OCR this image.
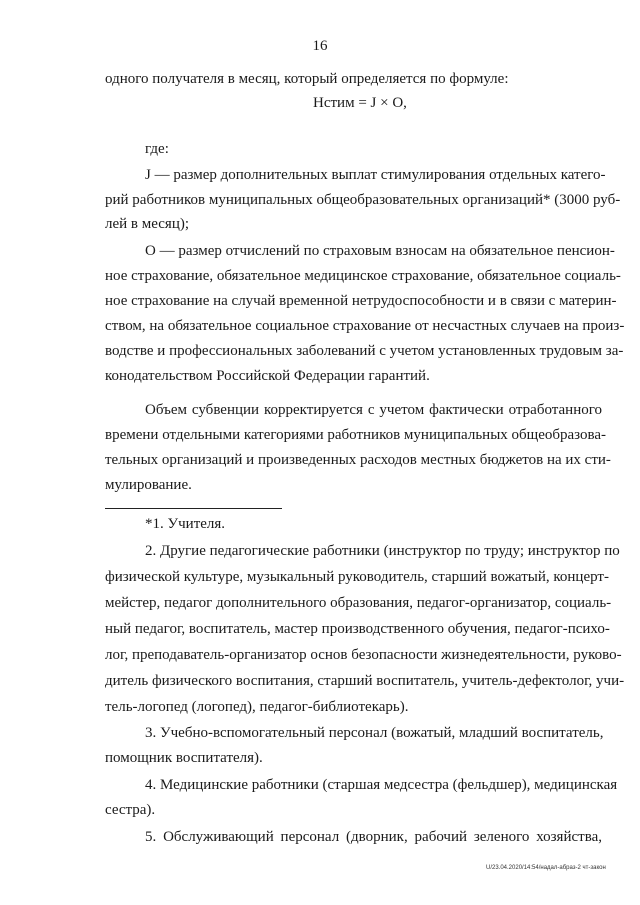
16
одного получателя в месяц, который определяется по формуле:
Нстим = J × О,
где:
J — размер дополнительных выплат стимулирования отдельных катего-
рий работников муниципальных общеобразовательных организаций* (3000 руб-
лей в месяц);
О — размер отчислений по страховым взносам на обязательное пенсион-
ное страхование, обязательное медицинское страхование, обязательное социаль-
ное страхование на случай временной нетрудоспособности и в связи с материн-
ством, на обязательное социальное страхование от несчастных случаев на произ-
водстве и профессиональных заболеваний с учетом установленных трудовым за-
конодательством Российской Федерации гарантий.
Объем субвенции корректируется с учетом фактически отработанного
времени отдельными категориями работников муниципальных общеобразова-
тельных организаций и произведенных расходов местных бюджетов на их сти-
мулирование.
*1. Учителя.
2. Другие педагогические работники (инструктор по труду; инструктор по
физической культуре, музыкальный руководитель, старший вожатый, концерт-
мейстер, педагог дополнительного образования, педагог-организатор, социаль-
ный педагог, воспитатель, мастер производственного обучения, педагог-психо-
лог, преподаватель-организатор основ безопасности жизнедеятельности, руково-
дитель физического воспитания, старший воспитатель, учитель-дефектолог, учи-
тель-логопед (логопед), педагог-библиотекарь).
3. Учебно-вспомогательный персонал (вожатый, младший воспитатель,
помощник воспитателя).
4. Медицинские работники (старшая медсестра (фельдшер), медицинская
сестра).
5. Обслуживающий персонал (дворник, рабочий зеленого хозяйства,
U/23.04.2020/14:54/надал-абраз-2 чт-закон
